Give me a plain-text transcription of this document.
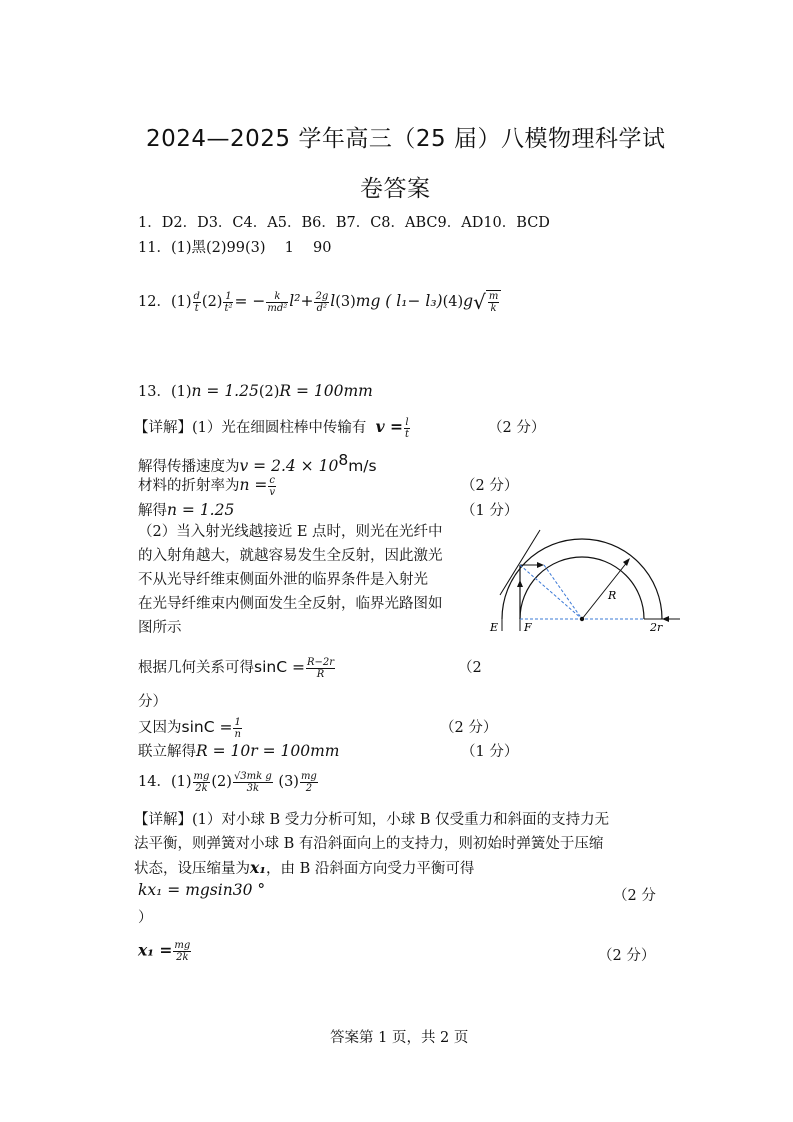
2024—2025 学年高三（25 届）八模物理科学试
卷答案
1．D2．D3．C4．A5．B6．B7．C8．ABC9．AD10．BCD
11．(1)黑(2)99(3)　 1　 90
12．$(1) \frac{d}{t} (2) \frac{1}{\text{t²}}$ = − $\frac{k}{\text{md²}} l^2+ \frac{2g}{\text{d²}} l(3)mg$ ( $l_1- l_3)(4)g√ \frac{m}{k}$
13．(1)n = 1.25(2)R = 100mm
【详解】(1）光在细圆柱棒中传输有 $v = \frac{l}{t}$	（2 分）
解得传播速度为$v = 2.4 \times 10^8m/s$
材料的折射率为$n = \frac{c}{v}$	（2 分）
解得n = 1.25	（1 分）
（2）当入射光线越接近 E 点时，则光在光纤中
的入射角越大，就越容易发生全反射，因此激光
不从光导纤维束侧面外泄的临界条件是入射光
在光导纤维束内侧面发生全反射，临界光路图如
图所示	E F
R
2r
根据几何关系可得$\sin C = \frac{R-2r}{R}$	（2
分）
又因为$\sin C = \frac{1}{n}$	（2 分）
联立解得R = 10r = 100mm	（1 分）
14．$(1) \frac{mg}{2k} (2) \frac{\text{√3mk g}}{3k} (3) \frac{mg}{2}$
【详解】(1）对小球 B 受力分析可知，小球 B 仅受重力和斜面的支持力无
法平衡，则弹簧对小球 B 有沿斜面向上的支持力，则初始时弹簧处于压缩
状态，设压缩量为x₁，由 B 沿斜面方向受力平衡可得
kx₁ = mgsin30 °	（2 分
）
$x_1 = \frac{mg}{2k}$	（2 分）
答案第 1 页，共 2 页
